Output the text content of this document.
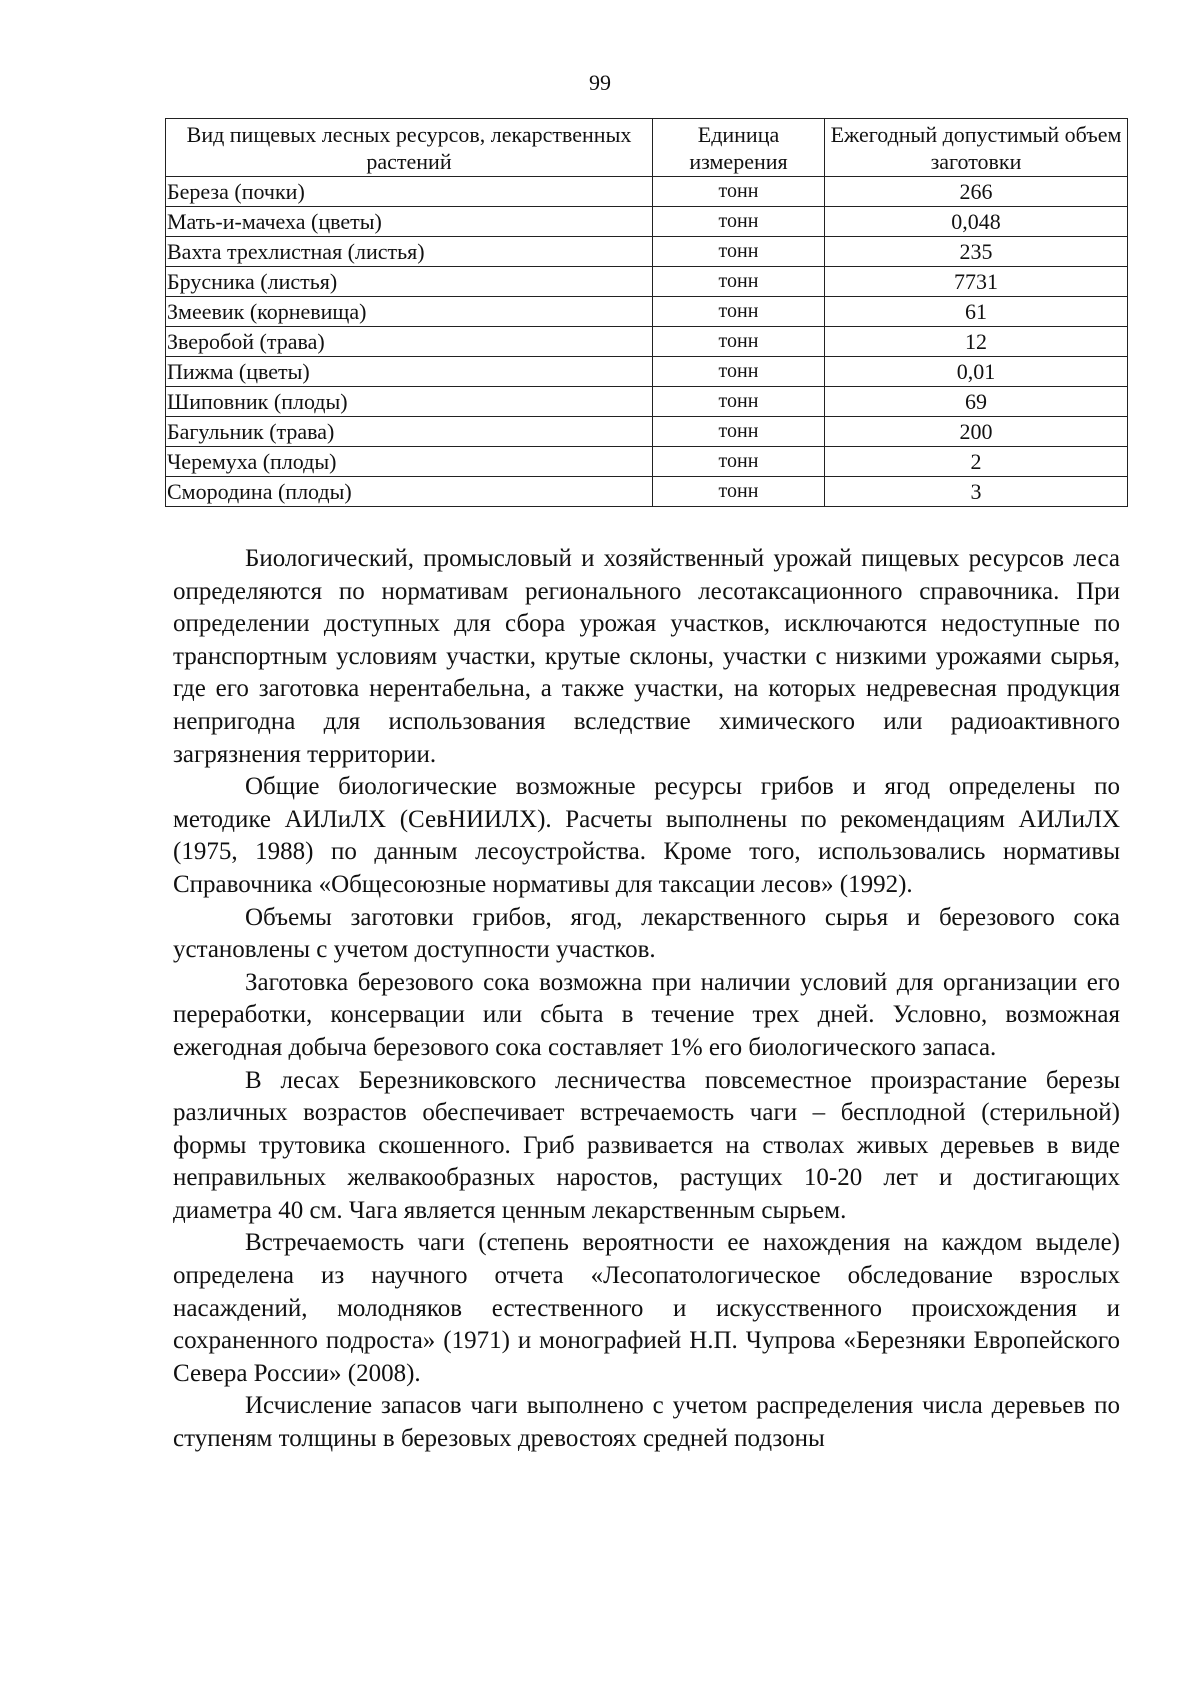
99
Вид пищевых лесных ресурсов, лекарственных растений	Единица измерения	Ежегодный допустимый объем заготовки
Береза (почки)	тонн	266
Мать-и-мачеха (цветы)	тонн	0,048
Вахта трехлистная (листья)	тонн	235
Брусника (листья)	тонн	7731
Змеевик (корневища)	тонн	61
Зверобой (трава)	тонн	12
Пижма (цветы)	тонн	0,01
Шиповник (плоды)	тонн	69
Багульник (трава)	тонн	200
Черемуха (плоды)	тонн	2
Смородина (плоды)	тонн	3

Биологический, промысловый и хозяйственный урожай пищевых ресурсов леса определяются по нормативам регионального лесотаксационного справочника. При определении доступных для сбора урожая участков, исключаются недоступные по транспортным условиям участки, крутые склоны, участки с низкими урожаями сырья, где его заготовка нерентабельна, а также участки, на которых недревесная продукция непригодна для использования вследствие химического или радиоактивного загрязнения территории.

Общие биологические возможные ресурсы грибов и ягод определены по методике АИЛиЛХ (СевНИИЛХ). Расчеты выполнены по рекомендациям АИЛиЛХ (1975, 1988) по данным лесоустройства. Кроме того, использовались нормативы Справочника «Общесоюзные нормативы для таксации лесов» (1992).

Объемы заготовки грибов, ягод, лекарственного сырья и березового сока установлены с учетом доступности участков.

Заготовка березового сока возможна при наличии условий для организации его переработки, консервации или сбыта в течение трех дней. Условно, возможная ежегодная добыча березового сока составляет 1% его биологического запаса.

В лесах Березниковского лесничества повсеместное произрастание березы различных возрастов обеспечивает встречаемость чаги – бесплодной (стерильной) формы трутовика скошенного. Гриб развивается на стволах живых деревьев в виде неправильных желвакообразных наростов, растущих 10-20 лет и достигающих диаметра 40 см. Чага является ценным лекарственным сырьем.

Встречаемость чаги (степень вероятности ее нахождения на каждом выделе) определена из научного отчета «Лесопатологическое обследование взрослых насаждений, молодняков естественного и искусственного происхождения и сохраненного подроста» (1971) и монографией Н.П. Чупрова «Березняки Европейского Севера России» (2008).

Исчисление запасов чаги выполнено с учетом распределения числа деревьев по ступеням толщины в березовых древостоях средней подзоны
